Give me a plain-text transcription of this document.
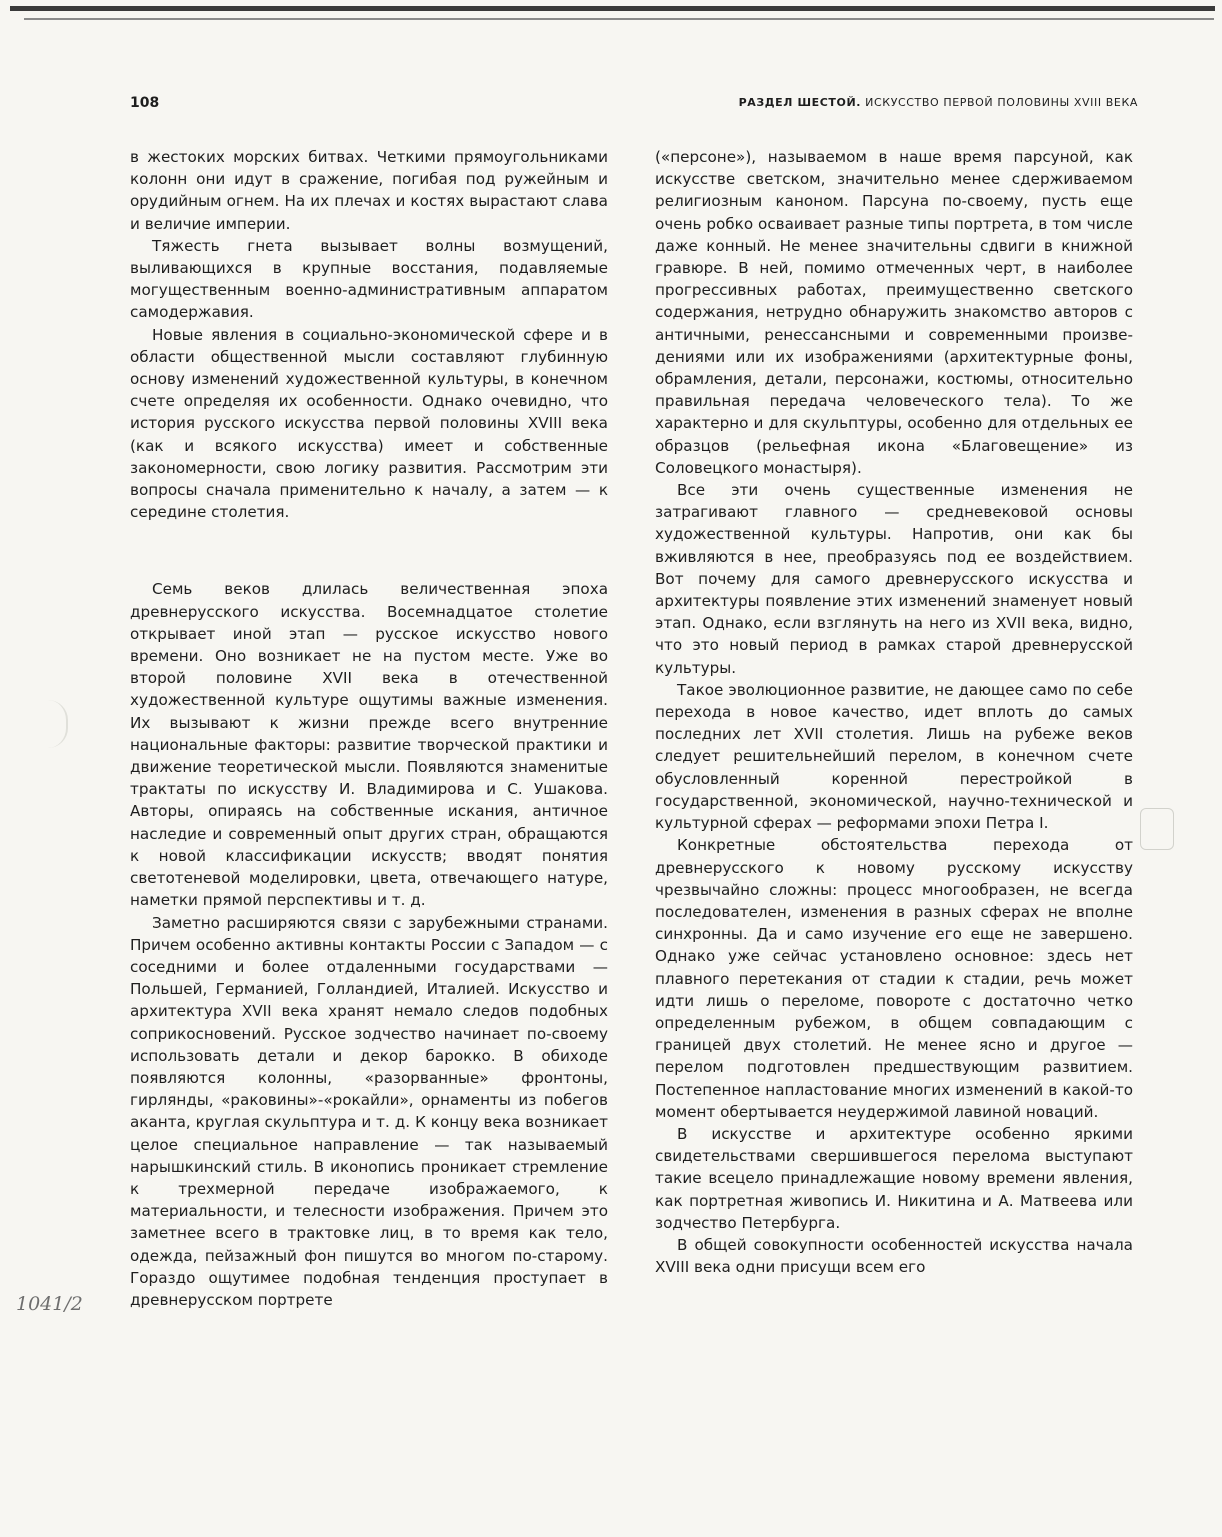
108	РАЗДЕЛ ШЕСТОЙ. ИСКУССТВО ПЕРВОЙ ПОЛОВИНЫ XVIII ВЕКА

в жестоких морских битвах. Четкими прямоугольниками колонн они идут в сражение, погибая под ружейным и орудийным огнем. На их плечах и костях вырастают слава и величие империи.

Тяжесть гнета вызывает волны возмущений, выливающихся в крупные восстания, подавляемые могущественным военно-административным аппаратом самодержавия.

Новые явления в социально-экономической сфере и в области общественной мысли составляют глубинную основу изменений художественной культуры, в конечном счете определяя их особенности. Однако очевидно, что история русского искусства первой половины XVIII века (как и всякого искусства) имеет и собственные закономерности, свою логику развития. Рассмотрим эти вопросы сначала применительно к началу, а затем — к середине столетия.

Семь веков длилась величественная эпоха древнерусского искусства. Восемнадцатое столетие открывает иной этап — русское искусство нового времени. Оно возникает не на пустом месте. Уже во второй половине XVII века в отечественной художественной культуре ощутимы важные изменения. Их вызывают к жизни прежде всего внутренние национальные факторы: развитие творческой практики и движение теоретической мысли. Появляются знаменитые трактаты по искусству И. Владимирова и С. Ушакова. Авторы, опираясь на собственные искания, античное наследие и современный опыт других стран, обращаются к новой классификации искусств; вводят понятия светотеневой моделировки, цвета, отвечающего натуре, наметки прямой перспективы и т. д.

Заметно расширяются связи с зарубежными странами. Причем особенно активны контакты России с Западом — с соседними и более отдаленными государствами — Польшей, Германией, Голландией, Италией. Искусство и архитектура XVII века хранят немало следов подобных соприкосновений. Русское зодчество начинает по-своему использовать детали и декор барокко. В обиходе появляются колонны, «разорванные» фронтоны, гирлянды, «раковины»-«рокайли», орнаменты из побегов аканта, круглая скульптура и т. д. К концу века возникает целое специальное направление — так называемый нарышкинский стиль. В иконопись проникает стремление к трехмерной передаче изображаемого, к материальности, и телесности изображения. Причем это заметнее всего в трактовке лиц, в то время как тело, одежда, пейзажный фон пишутся во многом по-старому. Гораздо ощутимее подобная тенденция проступает в древнерусском портрете

(«персоне»), называемом в наше время парсуной, как искусстве светском, значительно менее сдерживаемом религиозным каноном. Парсуна по-своему, пусть еще очень робко осваивает разные типы портрета, в том числе даже конный. Не менее значительны сдвиги в книжной гравюре. В ней, помимо отмеченных черт, в наиболее прогрессивных работах, преимущественно светского содержания, нетрудно обнаружить знакомство авторов с античными, ренессансными и современными произведениями или их изображениями (архитектурные фоны, обрамления, детали, персонажи, костюмы, относительно правильная передача человеческого тела). То же характерно и для скульптуры, особенно для отдельных ее образцов (рельефная икона «Благовещение» из Соловецкого монастыря).

Все эти очень существенные изменения не затрагивают главного — средневековой основы художественной культуры. Напротив, они как бы вживляются в нее, преобразуясь под ее воздействием. Вот почему для самого древнерусского искусства и архитектуры появление этих изменений знаменует новый этап. Однако, если взглянуть на него из XVII века, видно, что это новый период в рамках старой древнерусской культуры.

Такое эволюционное развитие, не дающее само по себе перехода в новое качество, идет вплоть до самых последних лет XVII столетия. Лишь на рубеже веков следует решительнейший перелом, в конечном счете обусловленный коренной перестройкой в государственной, экономической, научно-технической и культурной сферах — реформами эпохи Петра I.

Конкретные обстоятельства перехода от древнерусского к новому русскому искусству чрезвычайно сложны: процесс многообразен, не всегда последователен, изменения в разных сферах не вполне синхронны. Да и само изучение его еще не завершено. Однако уже сейчас установлено основное: здесь нет плавного перетекания от стадии к стадии, речь может идти лишь о переломе, повороте с достаточно четко определенным рубежом, в общем совпадающим с границей двух столетий. Не менее ясно и другое — перелом подготовлен предшествующим развитием. Постепенное напластование многих изменений в какой-то момент обертывается неудержимой лавиной новаций.

В искусстве и архитектуре особенно яркими свидетельствами свершившегося перелома выступают такие всецело принадлежащие новому времени явления, как портретная живопись И. Никитина и А. Матвеева или зодчество Петербурга.

В общей совокупности особенностей искусства начала XVIII века одни присущи всем его

1041/2
